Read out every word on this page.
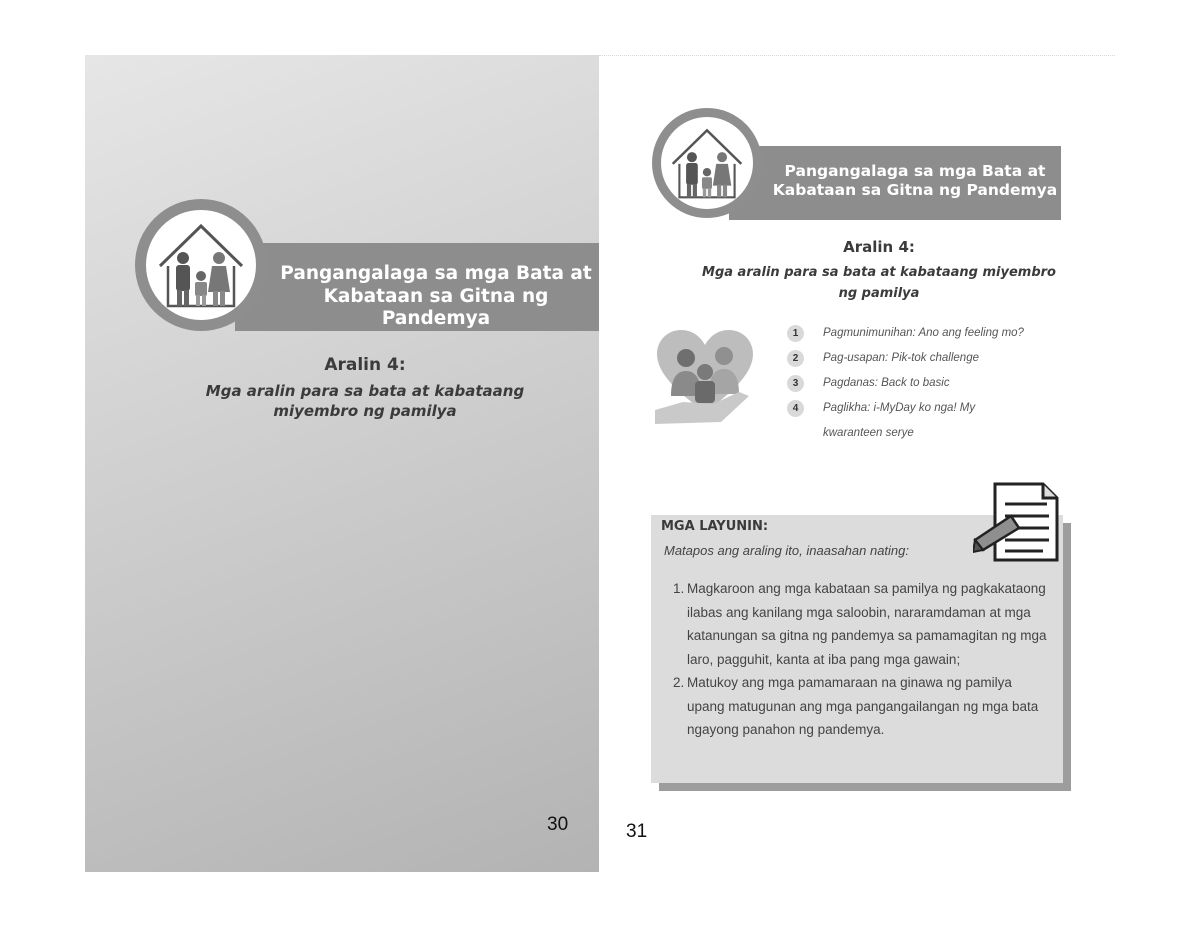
Pangangalaga sa mga Bata at
Kabataan sa Gitna ng Pandemya
Aralin 4:
Mga aralin para sa bata at kabataang
miyembro ng pamilya
30
Pangangalaga sa mga Bata at
Kabataan sa Gitna ng Pandemya
Aralin 4:
Mga aralin para sa bata at kabataang miyembro
ng pamilya
1	Pagmunimunihan: Ano ang feeling mo?
2	Pag-usapan: Pik-tok challenge
3	Pagdanas: Back to basic
4	Paglikha: i-MyDay ko nga! My kwaranteen serye
MGA LAYUNIN:
Matapos ang araling ito, inaasahan nating:
1. Magkaroon ang mga kabataan sa pamilya ng pagkakataong ilabas ang kanilang mga saloobin, nararamdaman at mga katanungan sa gitna ng pandemya sa pamamagitan ng mga laro, pagguhit, kanta at iba pang mga gawain;
2. Matukoy ang mga pamamaraan na ginawa ng pamilya upang matugunan ang mga pangangailangan ng mga bata ngayong panahon ng pandemya.
31
